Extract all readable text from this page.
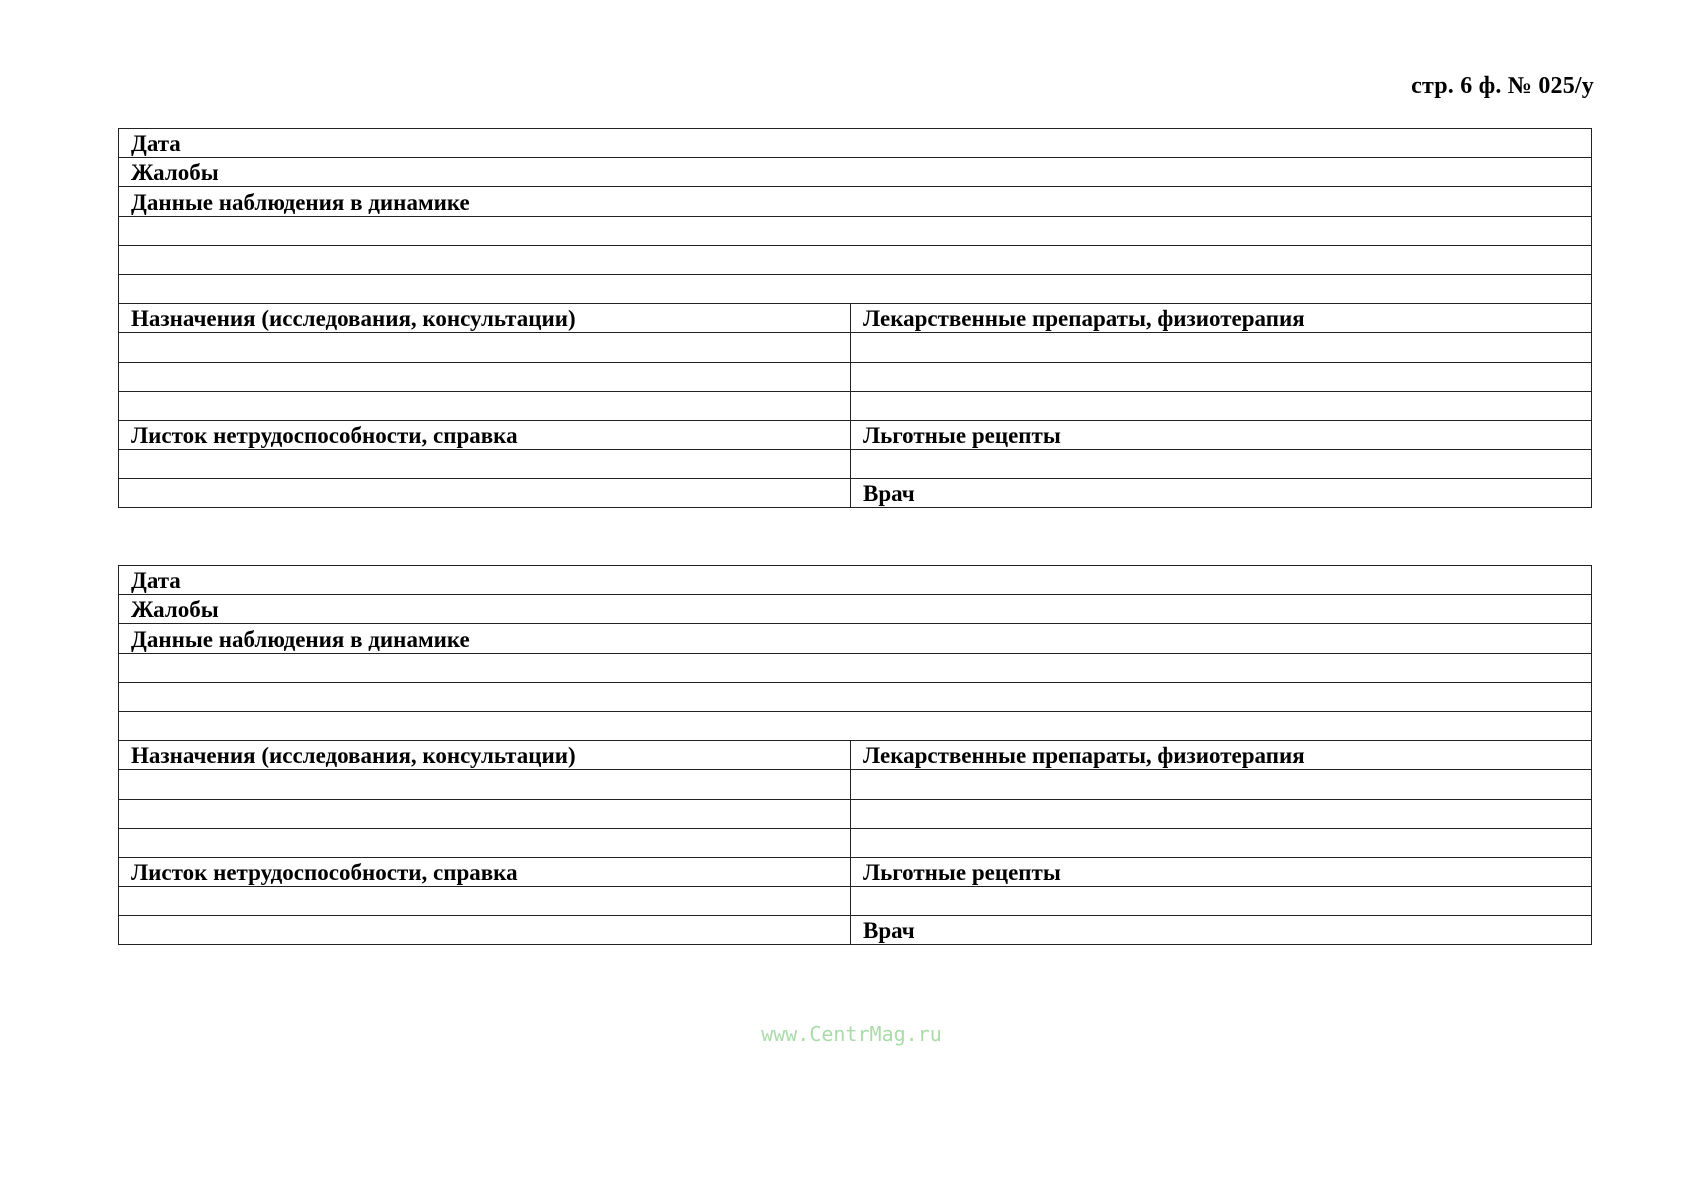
стр. 6 ф. № 025/у
Дата	
Жалобы	
Данные наблюдения в динамике	

Назначения (исследования, консультации)	Лекарственные препараты, физиотерапия

Листок нетрудоспособности, справка	Льготные рецепты

	Врач
Дата	
Жалобы	
Данные наблюдения в динамике	

Назначения (исследования, консультации)	Лекарственные препараты, физиотерапия

Листок нетрудоспособности, справка	Льготные рецепты

	Врач
www.CentrMag.ru
